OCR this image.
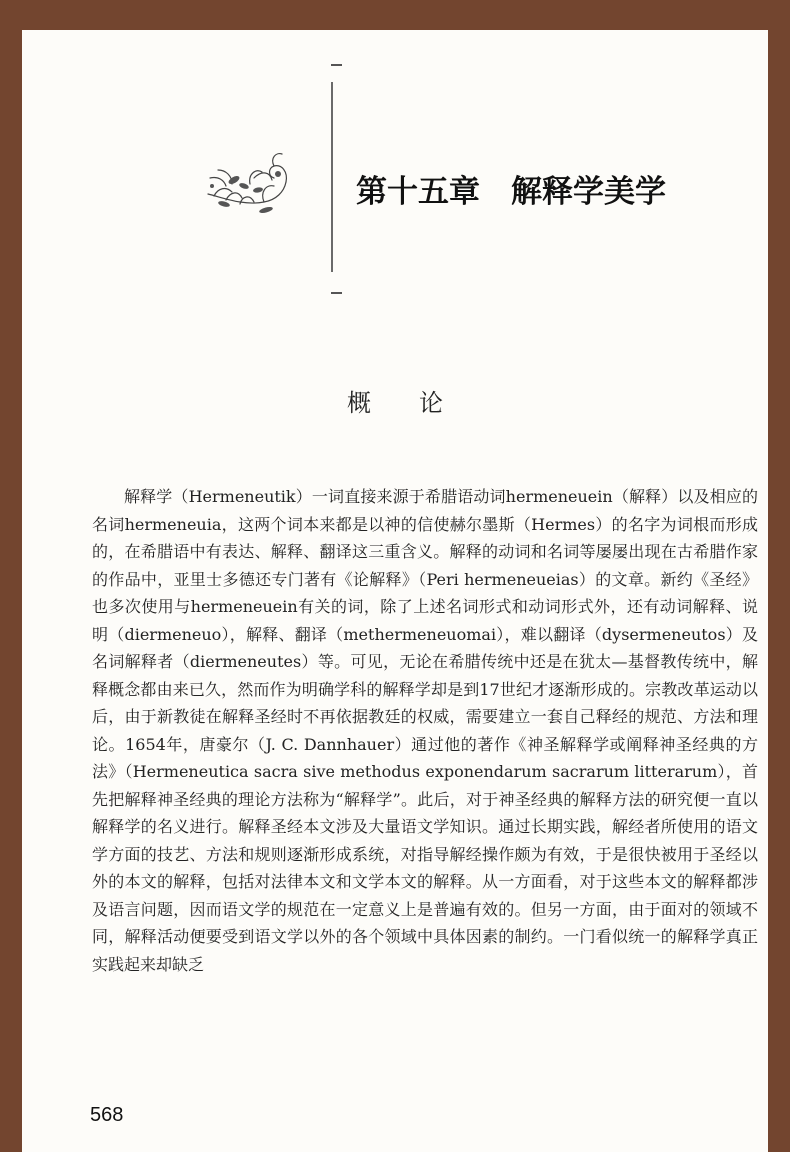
第十五章　解释学美学
概　　论

解释学（Hermeneutik）一词直接来源于希腊语动词hermeneuein（解释）以及相应的名词hermeneuia，这两个词本来都是以神的信使赫尔墨斯（Hermes）的名字为词根而形成的，在希腊语中有表达、解释、翻译这三重含义。解释的动词和名词等屡屡出现在古希腊作家的作品中，亚里士多德还专门著有《论解释》（Peri hermeneueias）的文章。新约《圣经》也多次使用与hermeneuein有关的词，除了上述名词形式和动词形式外，还有动词解释、说明（diermeneuo），解释、翻译（methermeneuomai），难以翻译（dysermeneutos）及名词解释者（diermeneutes）等。可见，无论在希腊传统中还是在犹太—基督教传统中，解释概念都由来已久，然而作为明确学科的解释学却是到17世纪才逐渐形成的。宗教改革运动以后，由于新教徒在解释圣经时不再依据教廷的权威，需要建立一套自己释经的规范、方法和理论。1654年，唐豪尔（J. C. Dannhauer）通过他的著作《神圣解释学或阐释神圣经典的方法》（Hermeneutica sacra sive methodus exponendarum sacrarum litterarum），首先把解释神圣经典的理论方法称为“解释学”。此后，对于神圣经典的解释方法的研究便一直以解释学的名义进行。解释圣经本文涉及大量语文学知识。通过长期实践，解经者所使用的语文学方面的技艺、方法和规则逐渐形成系统，对指导解经操作颇为有效，于是很快被用于圣经以外的本文的解释，包括对法律本文和文学本文的解释。从一方面看，对于这些本文的解释都涉及语言问题，因而语文学的规范在一定意义上是普遍有效的。但另一方面，由于面对的领域不同，解释活动便要受到语文学以外的各个领域中具体因素的制约。一门看似统一的解释学真正实践起来却缺乏

568
